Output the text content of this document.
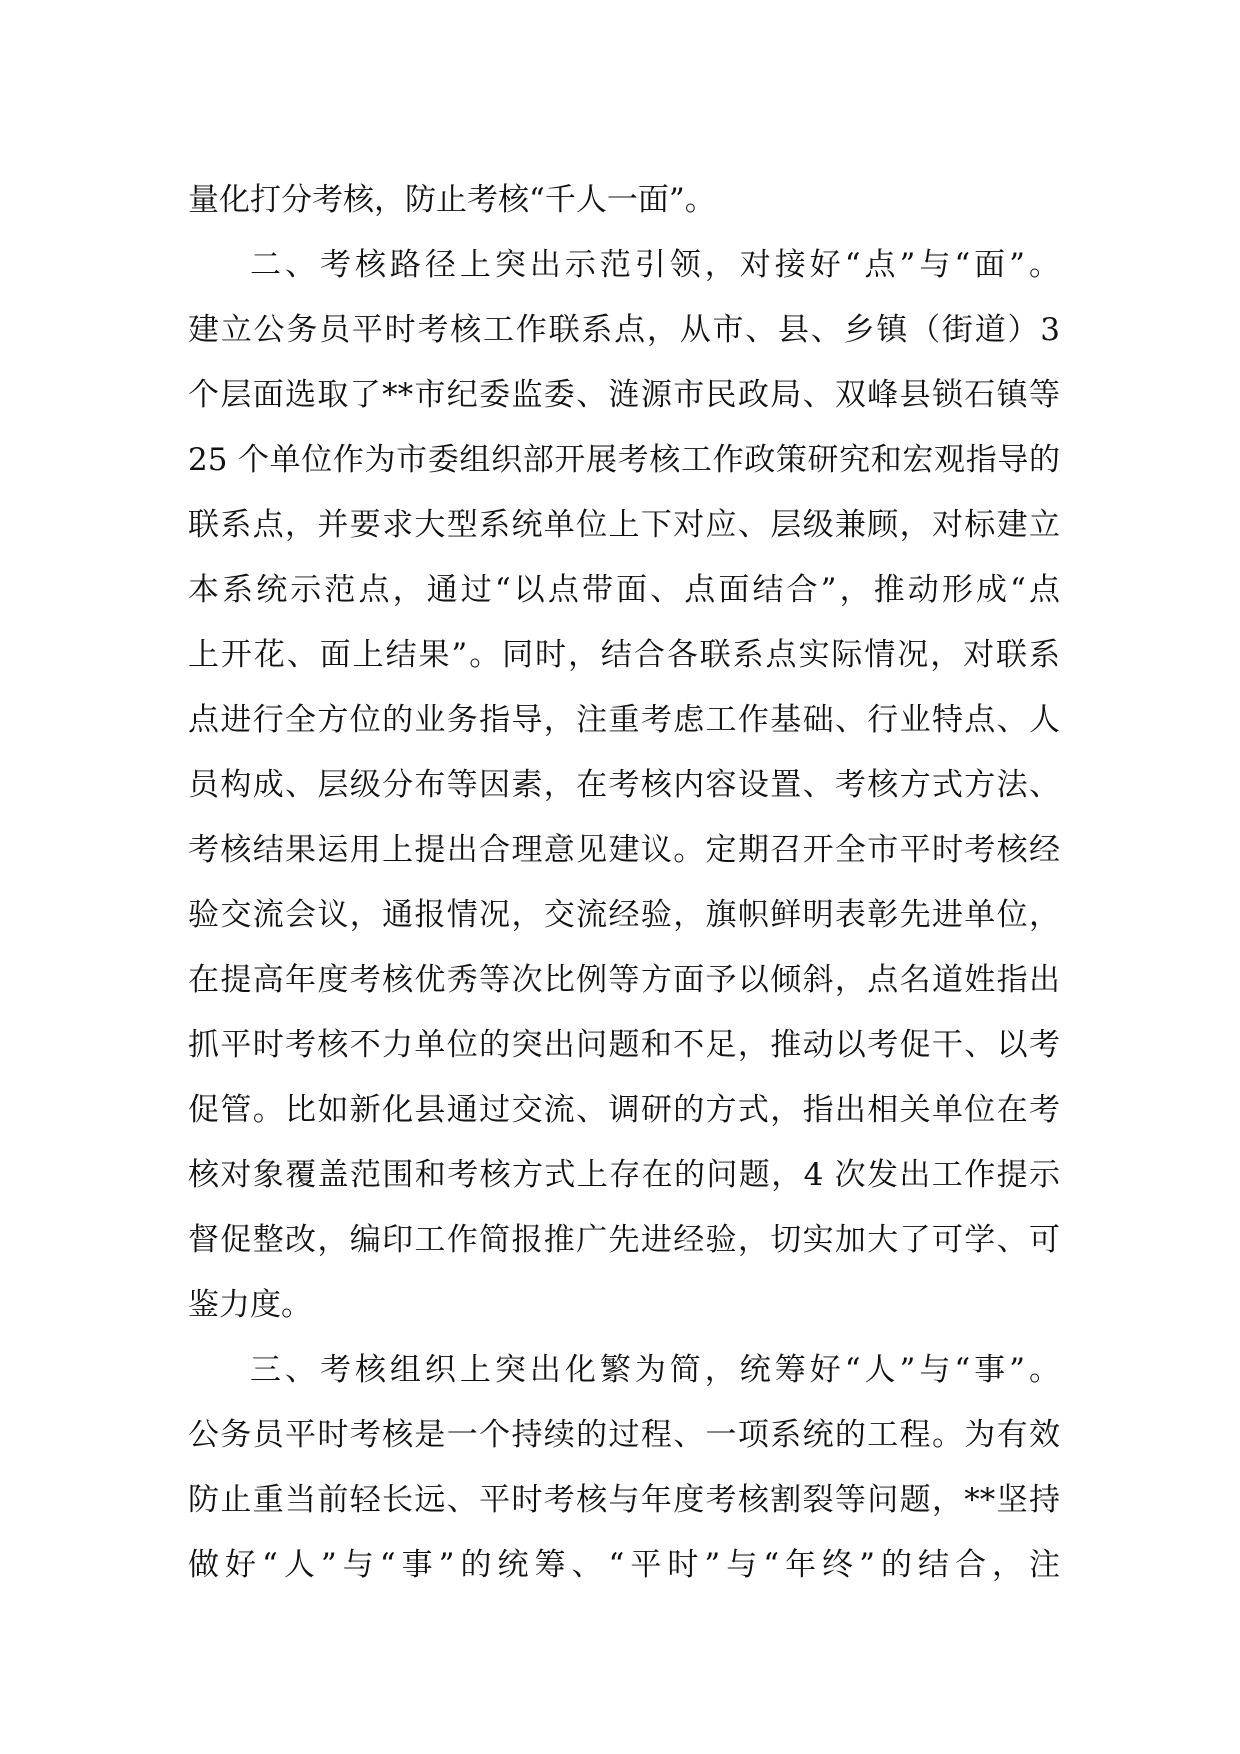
量化打分考核，防止考核“千人一面”。
二、考核路径上突出示范引领，对接好“点”与“面”。
建立公务员平时考核工作联系点，从市、县、乡镇（街道）3
个层面选取了**市纪委监委、涟源市民政局、双峰县锁石镇等
25 个单位作为市委组织部开展考核工作政策研究和宏观指导的
联系点，并要求大型系统单位上下对应、层级兼顾，对标建立
本系统示范点，通过“以点带面、点面结合”，推动形成“点
上开花、面上结果”。同时，结合各联系点实际情况，对联系
点进行全方位的业务指导，注重考虑工作基础、行业特点、人
员构成、层级分布等因素，在考核内容设置、考核方式方法、
考核结果运用上提出合理意见建议。定期召开全市平时考核经
验交流会议，通报情况，交流经验，旗帜鲜明表彰先进单位，
在提高年度考核优秀等次比例等方面予以倾斜，点名道姓指出
抓平时考核不力单位的突出问题和不足，推动以考促干、以考
促管。比如新化县通过交流、调研的方式，指出相关单位在考
核对象覆盖范围和考核方式上存在的问题，4 次发出工作提示
督促整改，编印工作简报推广先进经验，切实加大了可学、可
鉴力度。
三、考核组织上突出化繁为简，统筹好“人”与“事”。
公务员平时考核是一个持续的过程、一项系统的工程。为有效
防止重当前轻长远、平时考核与年度考核割裂等问题，**坚持
做好“人”与“事”的统筹、“平时”与“年终”的结合，注
